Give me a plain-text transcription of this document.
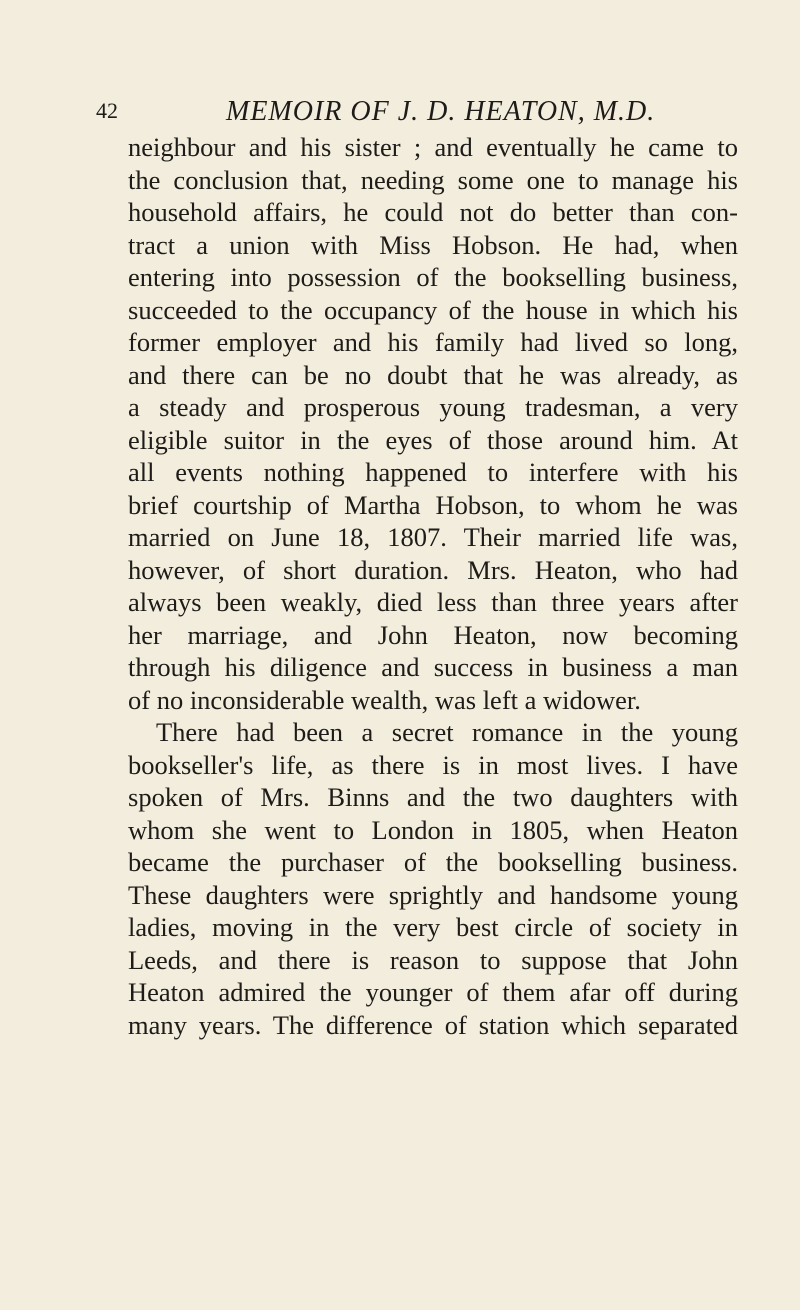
42	MEMOIR OF J. D. HEATON, M.D.
neighbour and his sister ; and eventually he came to
the conclusion that, needing some one to manage his
household affairs, he could not do better than con-
tract a union with Miss Hobson. He had, when
entering into possession of the bookselling business,
succeeded to the occupancy of the house in which his
former employer and his family had lived so long,
and there can be no doubt that he was already, as
a steady and prosperous young tradesman, a very
eligible suitor in the eyes of those around him. At
all events nothing happened to interfere with his
brief courtship of Martha Hobson, to whom he was
married on June 18, 1807. Their married life was,
however, of short duration. Mrs. Heaton, who had
always been weakly, died less than three years after
her marriage, and John Heaton, now becoming
through his diligence and success in business a man
of no inconsiderable wealth, was left a widower.
There had been a secret romance in the young
bookseller's life, as there is in most lives. I have
spoken of Mrs. Binns and the two daughters with
whom she went to London in 1805, when Heaton
became the purchaser of the bookselling business.
These daughters were sprightly and handsome young
ladies, moving in the very best circle of society in
Leeds, and there is reason to suppose that John
Heaton admired the younger of them afar off during
many years. The difference of station which separated
